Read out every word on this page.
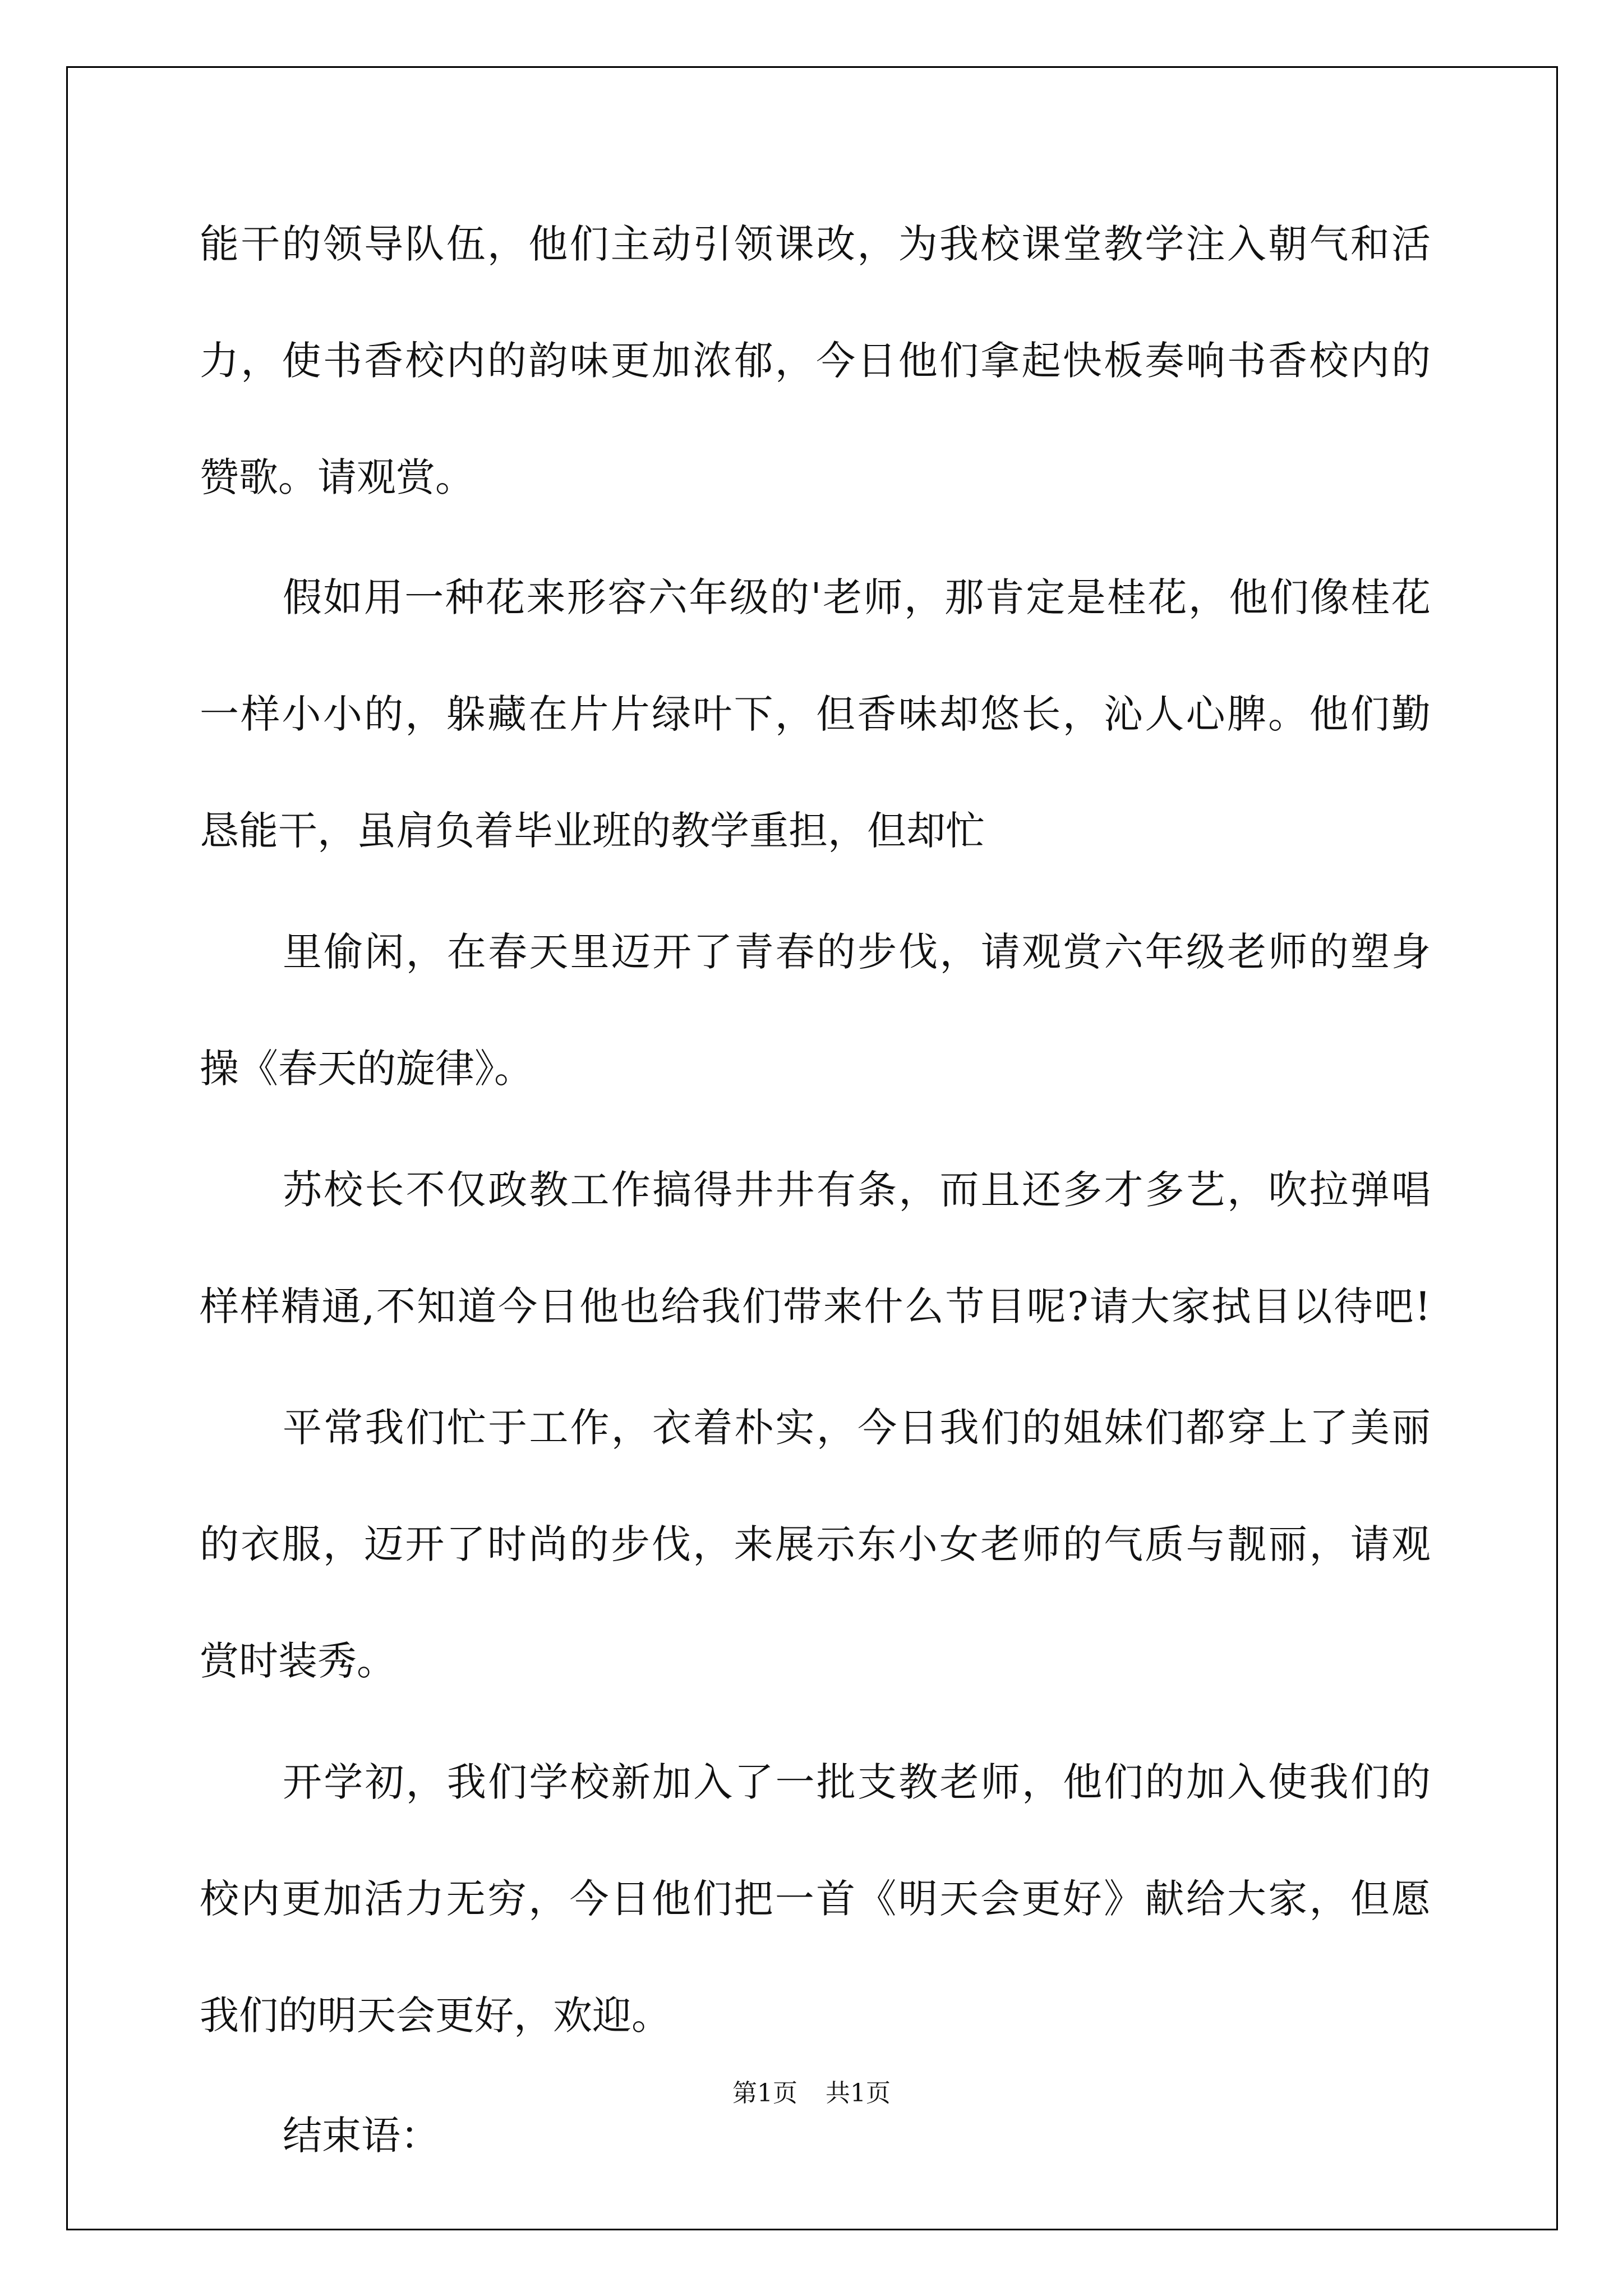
能干的领导队伍，他们主动引领课改，为我校课堂教学注入朝气和活
力，使书香校内的韵味更加浓郁，今日他们拿起快板奏响书香校内的
赞歌。请观赏。
假如用一种花来形容六年级的'老师，那肯定是桂花，他们像桂花
一样小小的，躲藏在片片绿叶下，但香味却悠长，沁人心脾。他们勤
恳能干，虽肩负着毕业班的教学重担，但却忙
里偷闲，在春天里迈开了青春的步伐，请观赏六年级老师的塑身
操《春天的旋律》。
苏校长不仅政教工作搞得井井有条，而且还多才多艺，吹拉弹唱
样样精通,不知道今日他也给我们带来什么节目呢?请大家拭目以待吧!
平常我们忙于工作，衣着朴实，今日我们的姐妹们都穿上了美丽
的衣服，迈开了时尚的步伐，来展示东小女老师的气质与靓丽，请观
赏时装秀。
开学初，我们学校新加入了一批支教老师，他们的加入使我们的
校内更加活力无穷，今日他们把一首《明天会更好》献给大家，但愿
我们的明天会更好，欢迎。
结束语：
第1页 共1页
